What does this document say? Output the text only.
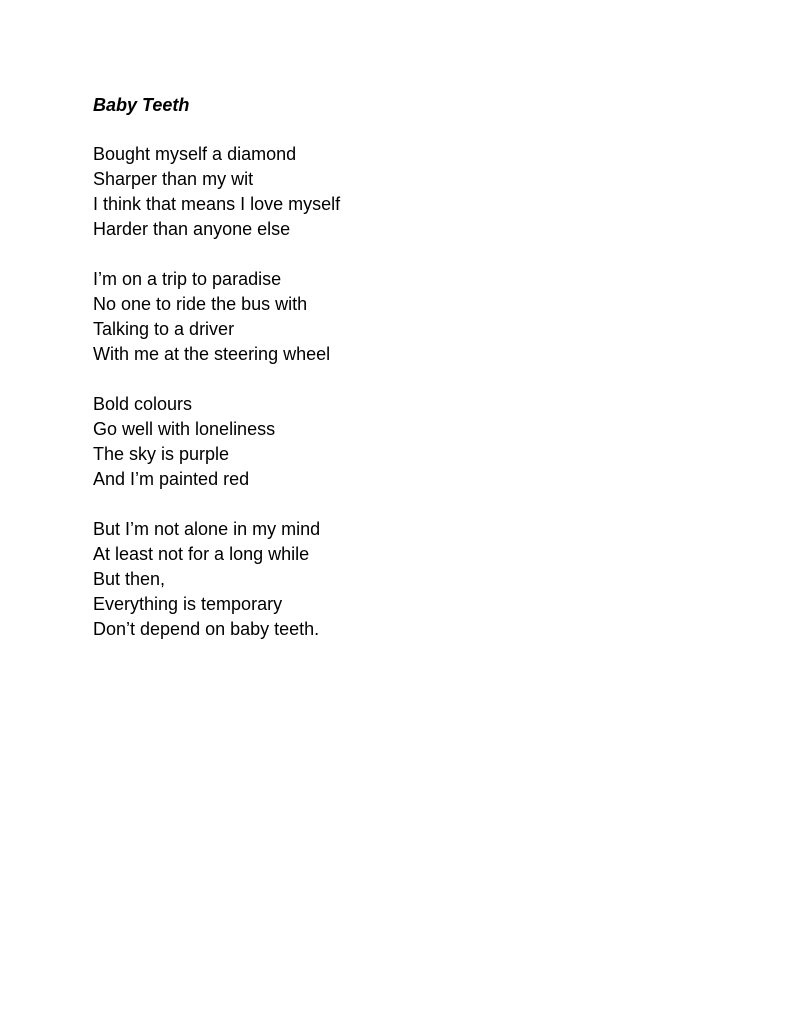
Baby Teeth
Bought myself a diamond
Sharper than my wit
I think that means I love myself
Harder than anyone else
I’m on a trip to paradise
No one to ride the bus with
Talking to a driver
With me at the steering wheel
Bold colours
Go well with loneliness
The sky is purple
And I’m painted red
But I’m not alone in my mind
At least not for a long while
But then,
Everything is temporary
Don’t depend on baby teeth.
